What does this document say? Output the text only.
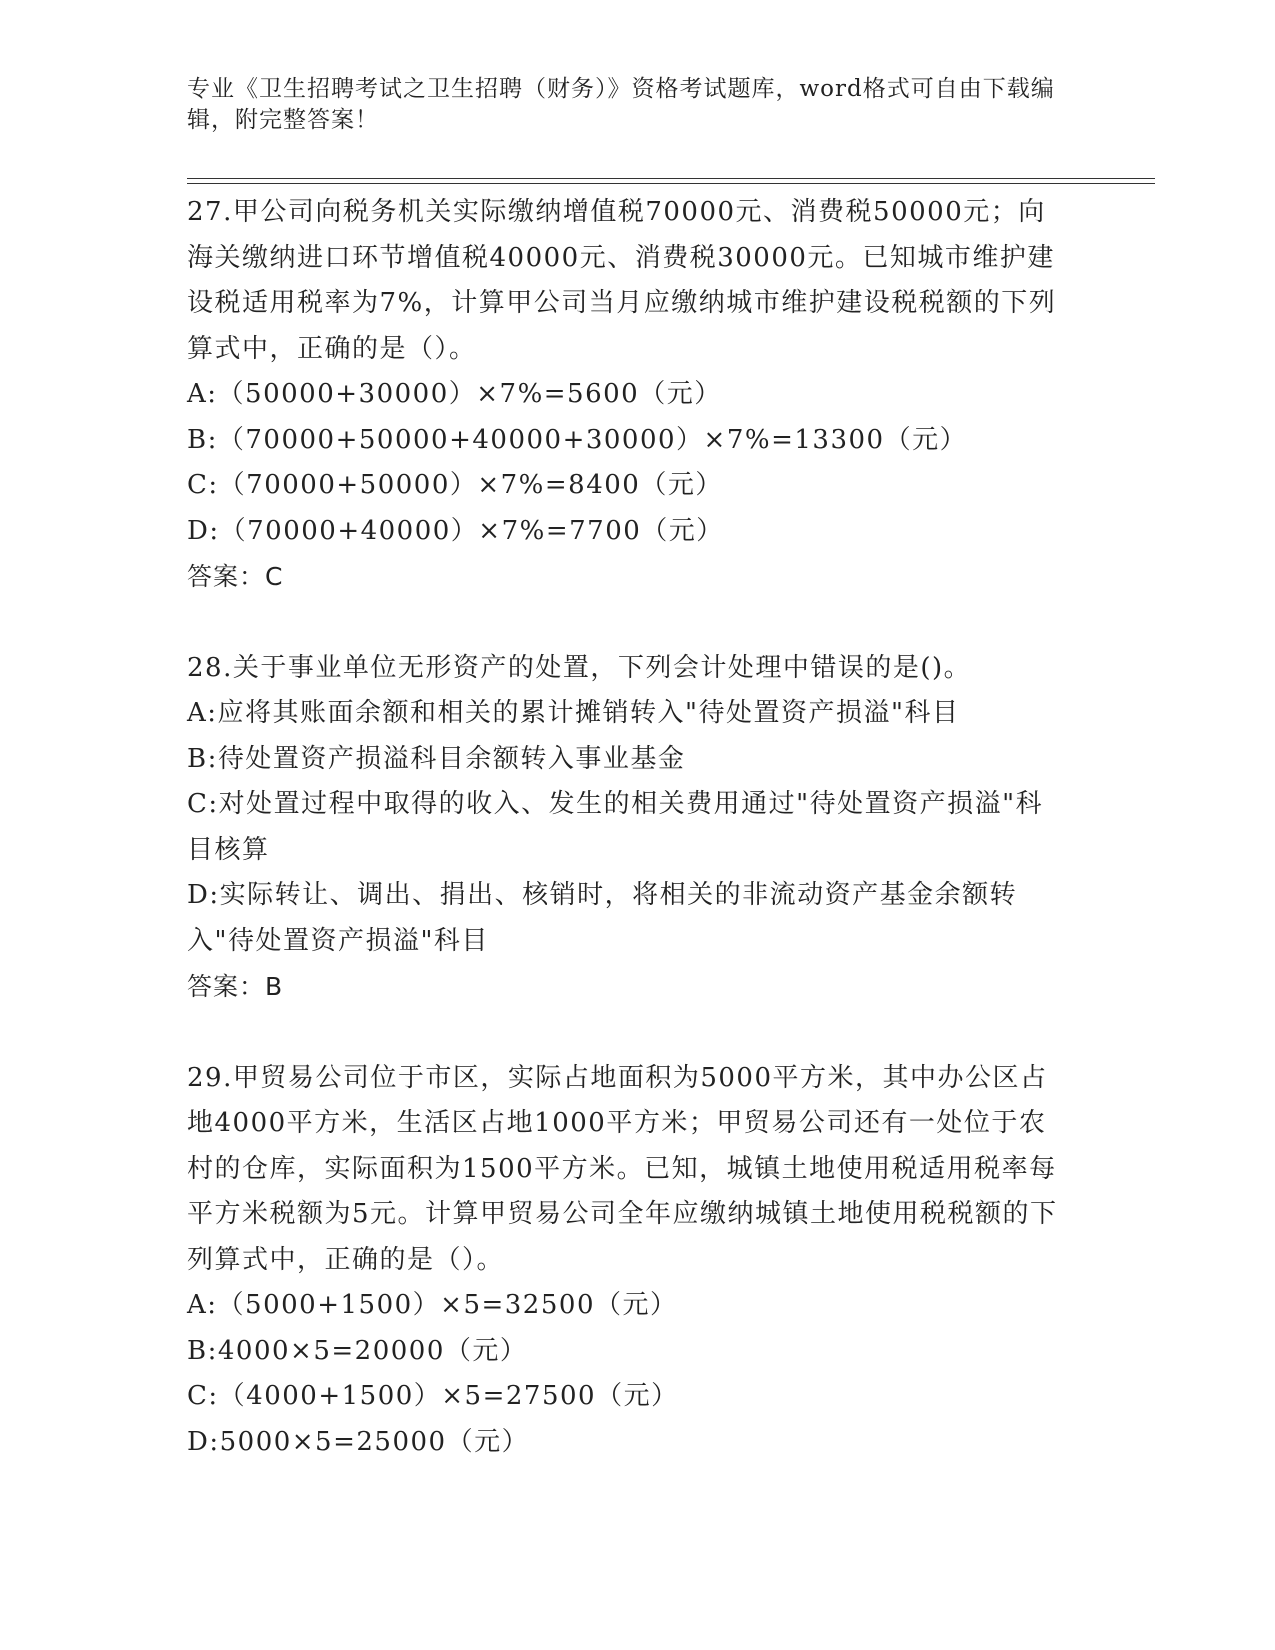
专业《卫生招聘考试之卫生招聘（财务）》资格考试题库，word格式可自由下载编辑，附完整答案！

27.甲公司向税务机关实际缴纳增值税70000元、消费税50000元；向海关缴纳进口环节增值税40000元、消费税30000元。已知城市维护建设税适用税率为7%，计算甲公司当月应缴纳城市维护建设税税额的下列算式中，正确的是（）。

A:（50000+30000）×7%=5600（元）

B:（70000+50000+40000+30000）×7%=13300（元）

C:（70000+50000）×7%=8400（元）

D:（70000+40000）×7%=7700（元）

答案：C

28.关于事业单位无形资产的处置，下列会计处理中错误的是()。

A:应将其账面余额和相关的累计摊销转入"待处置资产损溢"科目

B:待处置资产损溢科目余额转入事业基金

C:对处置过程中取得的收入、发生的相关费用通过"待处置资产损溢"科目核算

D:实际转让、调出、捐出、核销时，将相关的非流动资产基金余额转入"待处置资产损溢"科目

答案：B

29.甲贸易公司位于市区，实际占地面积为5000平方米，其中办公区占地4000平方米，生活区占地1000平方米；甲贸易公司还有一处位于农村的仓库，实际面积为1500平方米。已知，城镇土地使用税适用税率每平方米税额为5元。计算甲贸易公司全年应缴纳城镇土地使用税税额的下列算式中，正确的是（）。

A:（5000+1500）×5=32500（元）

B:4000×5=20000（元）

C:（4000+1500）×5=27500（元）

D:5000×5=25000（元）
